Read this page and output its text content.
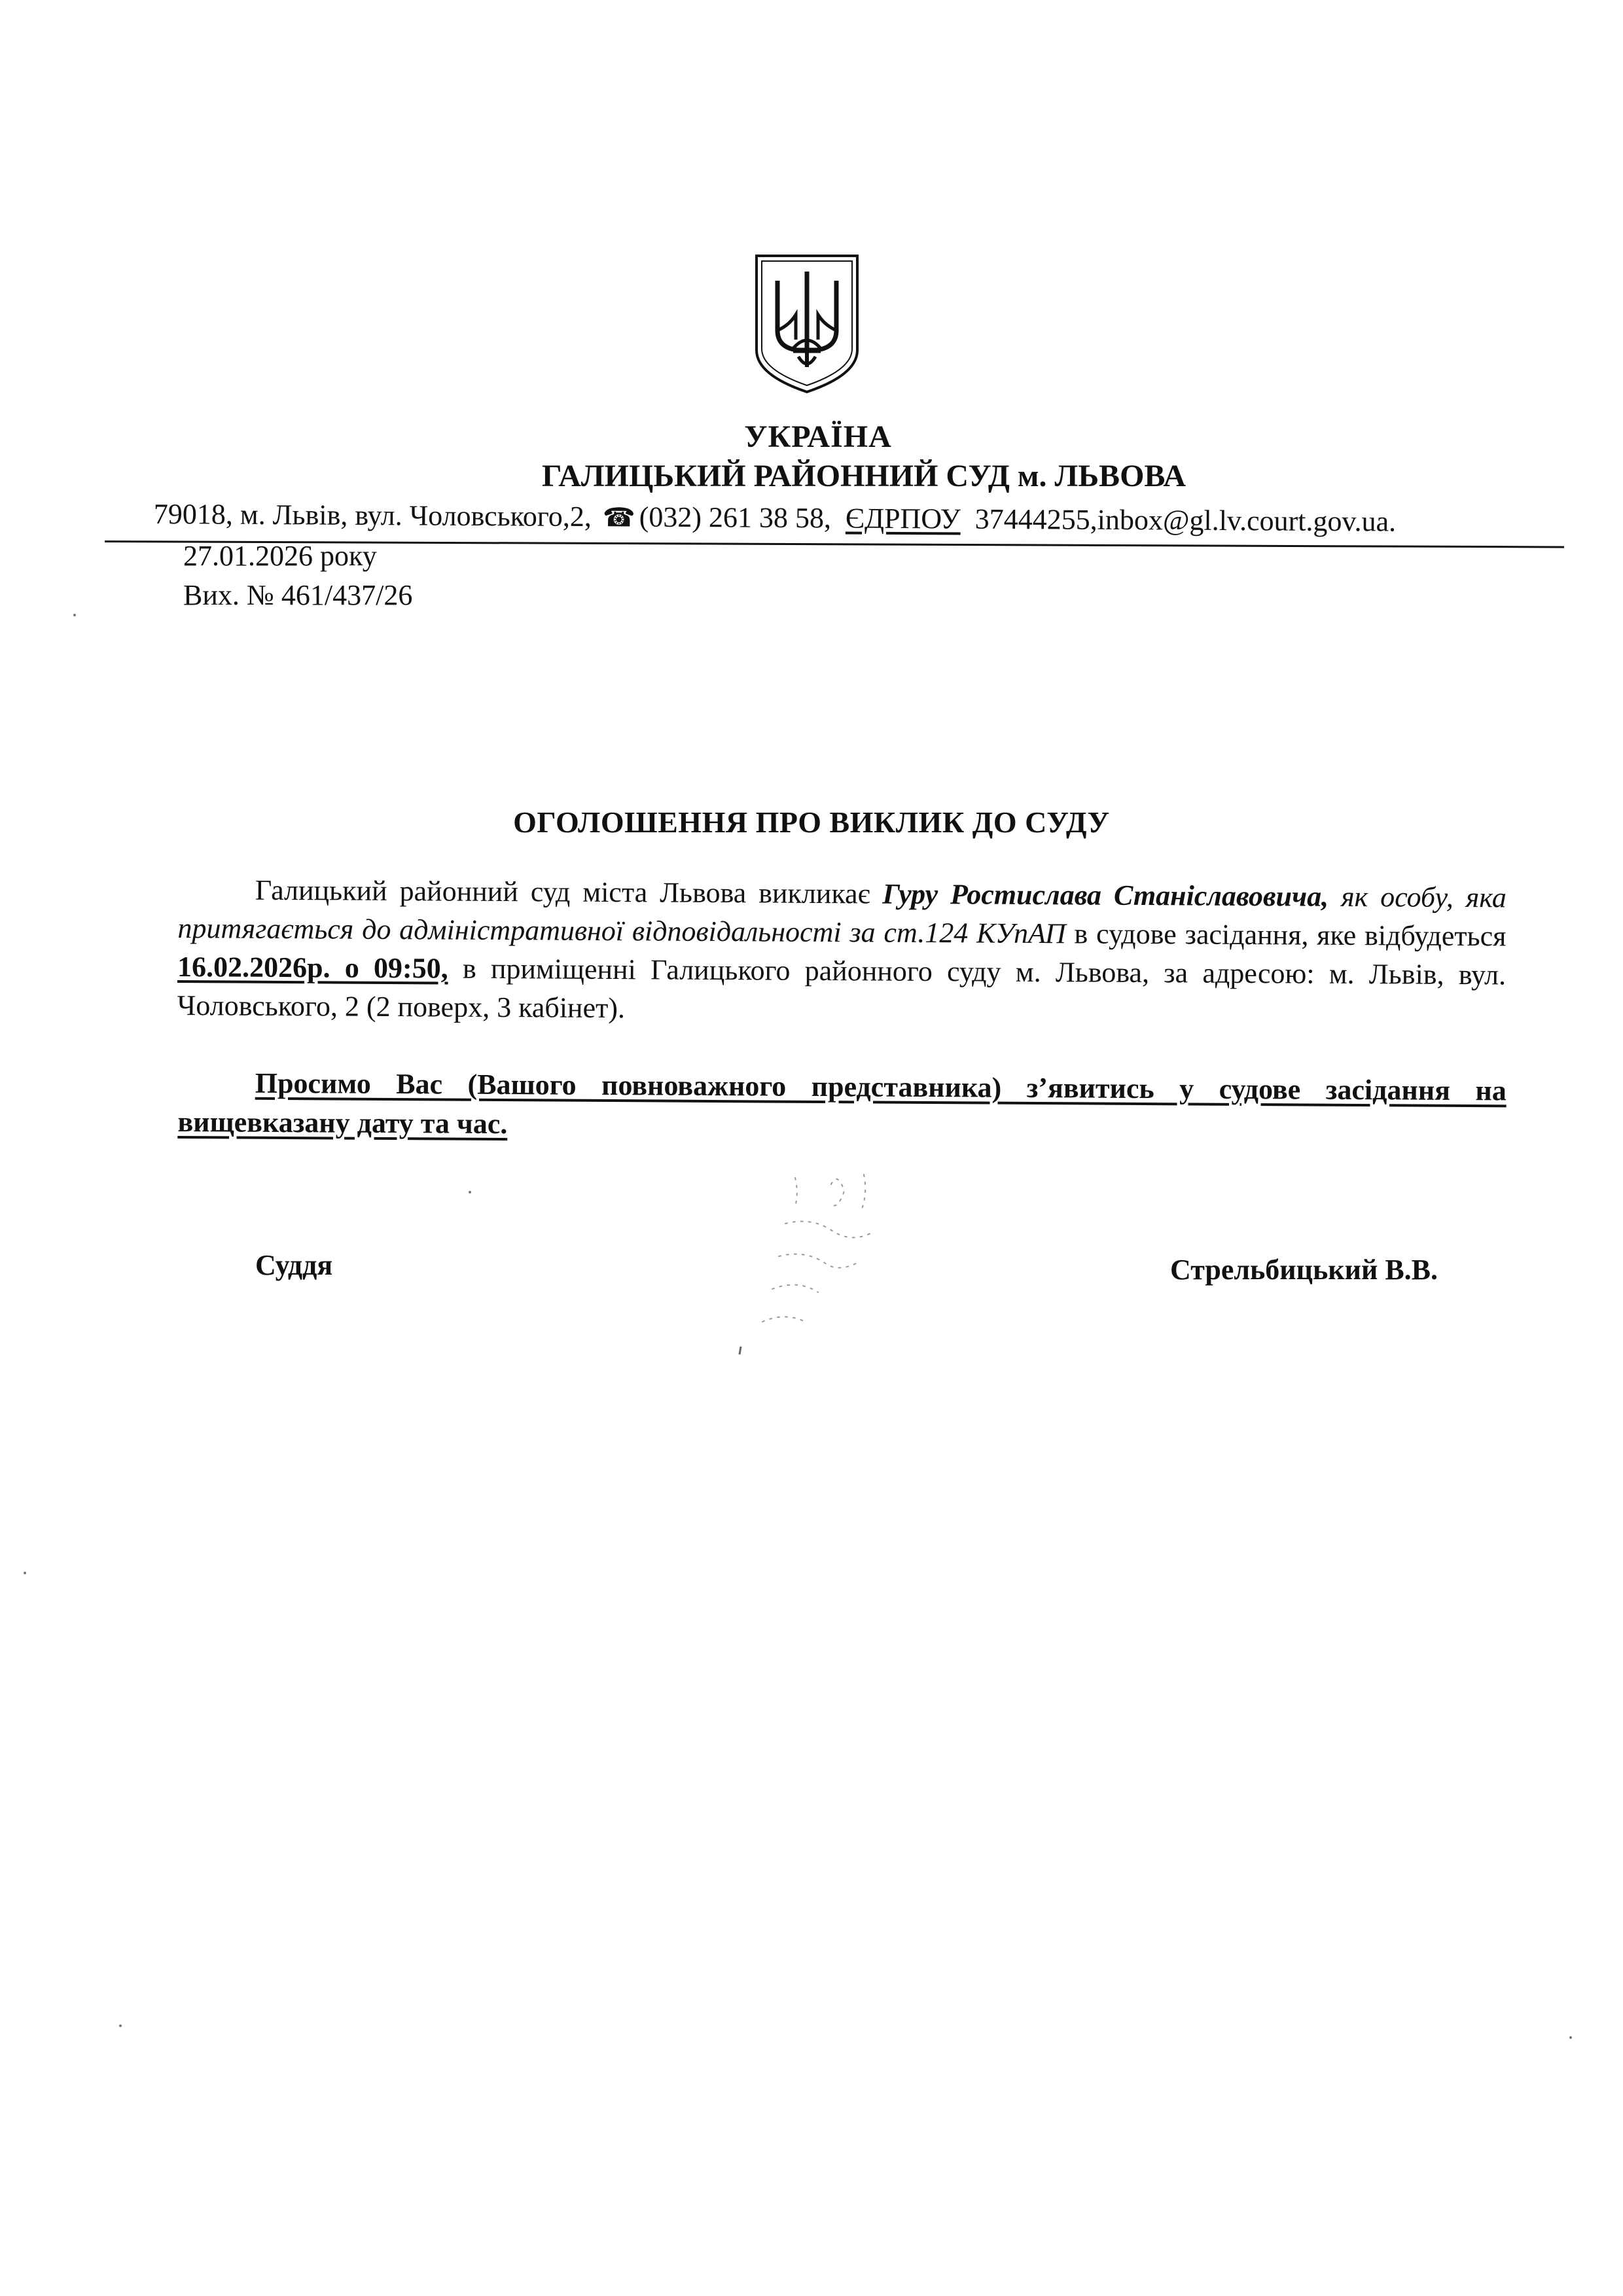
УКРАЇНА
ГАЛИЦЬКИЙ РАЙОННИЙ СУД м. ЛЬВОВА
79018, м. Львів, вул. Чоловського,2, ☎ (032) 261 38 58, ЄДРПОУ 37444255,inbox@gl.lv.court.gov.ua.
27.01.2026 року
Вих. № 461/437/26
ОГОЛОШЕННЯ ПРО ВИКЛИК ДО СУДУ
Галицький районний суд міста Львова викликає Гуру Ростислава Станіславовича, як особу, яка притягається до адміністративної відповідальності за ст.124 КУпАП в судове засідання, яке відбудеться 16.02.2026р. о 09:50, в приміщенні Галицького районного суду м. Львова, за адресою: м. Львів, вул. Чоловського, 2 (2 поверх, 3 кабінет).
Просимо Вас (Вашого повноважного представника) з’явитись у судове засідання на вищевказану дату та час.
Суддя	Стрельбицький В.В.
